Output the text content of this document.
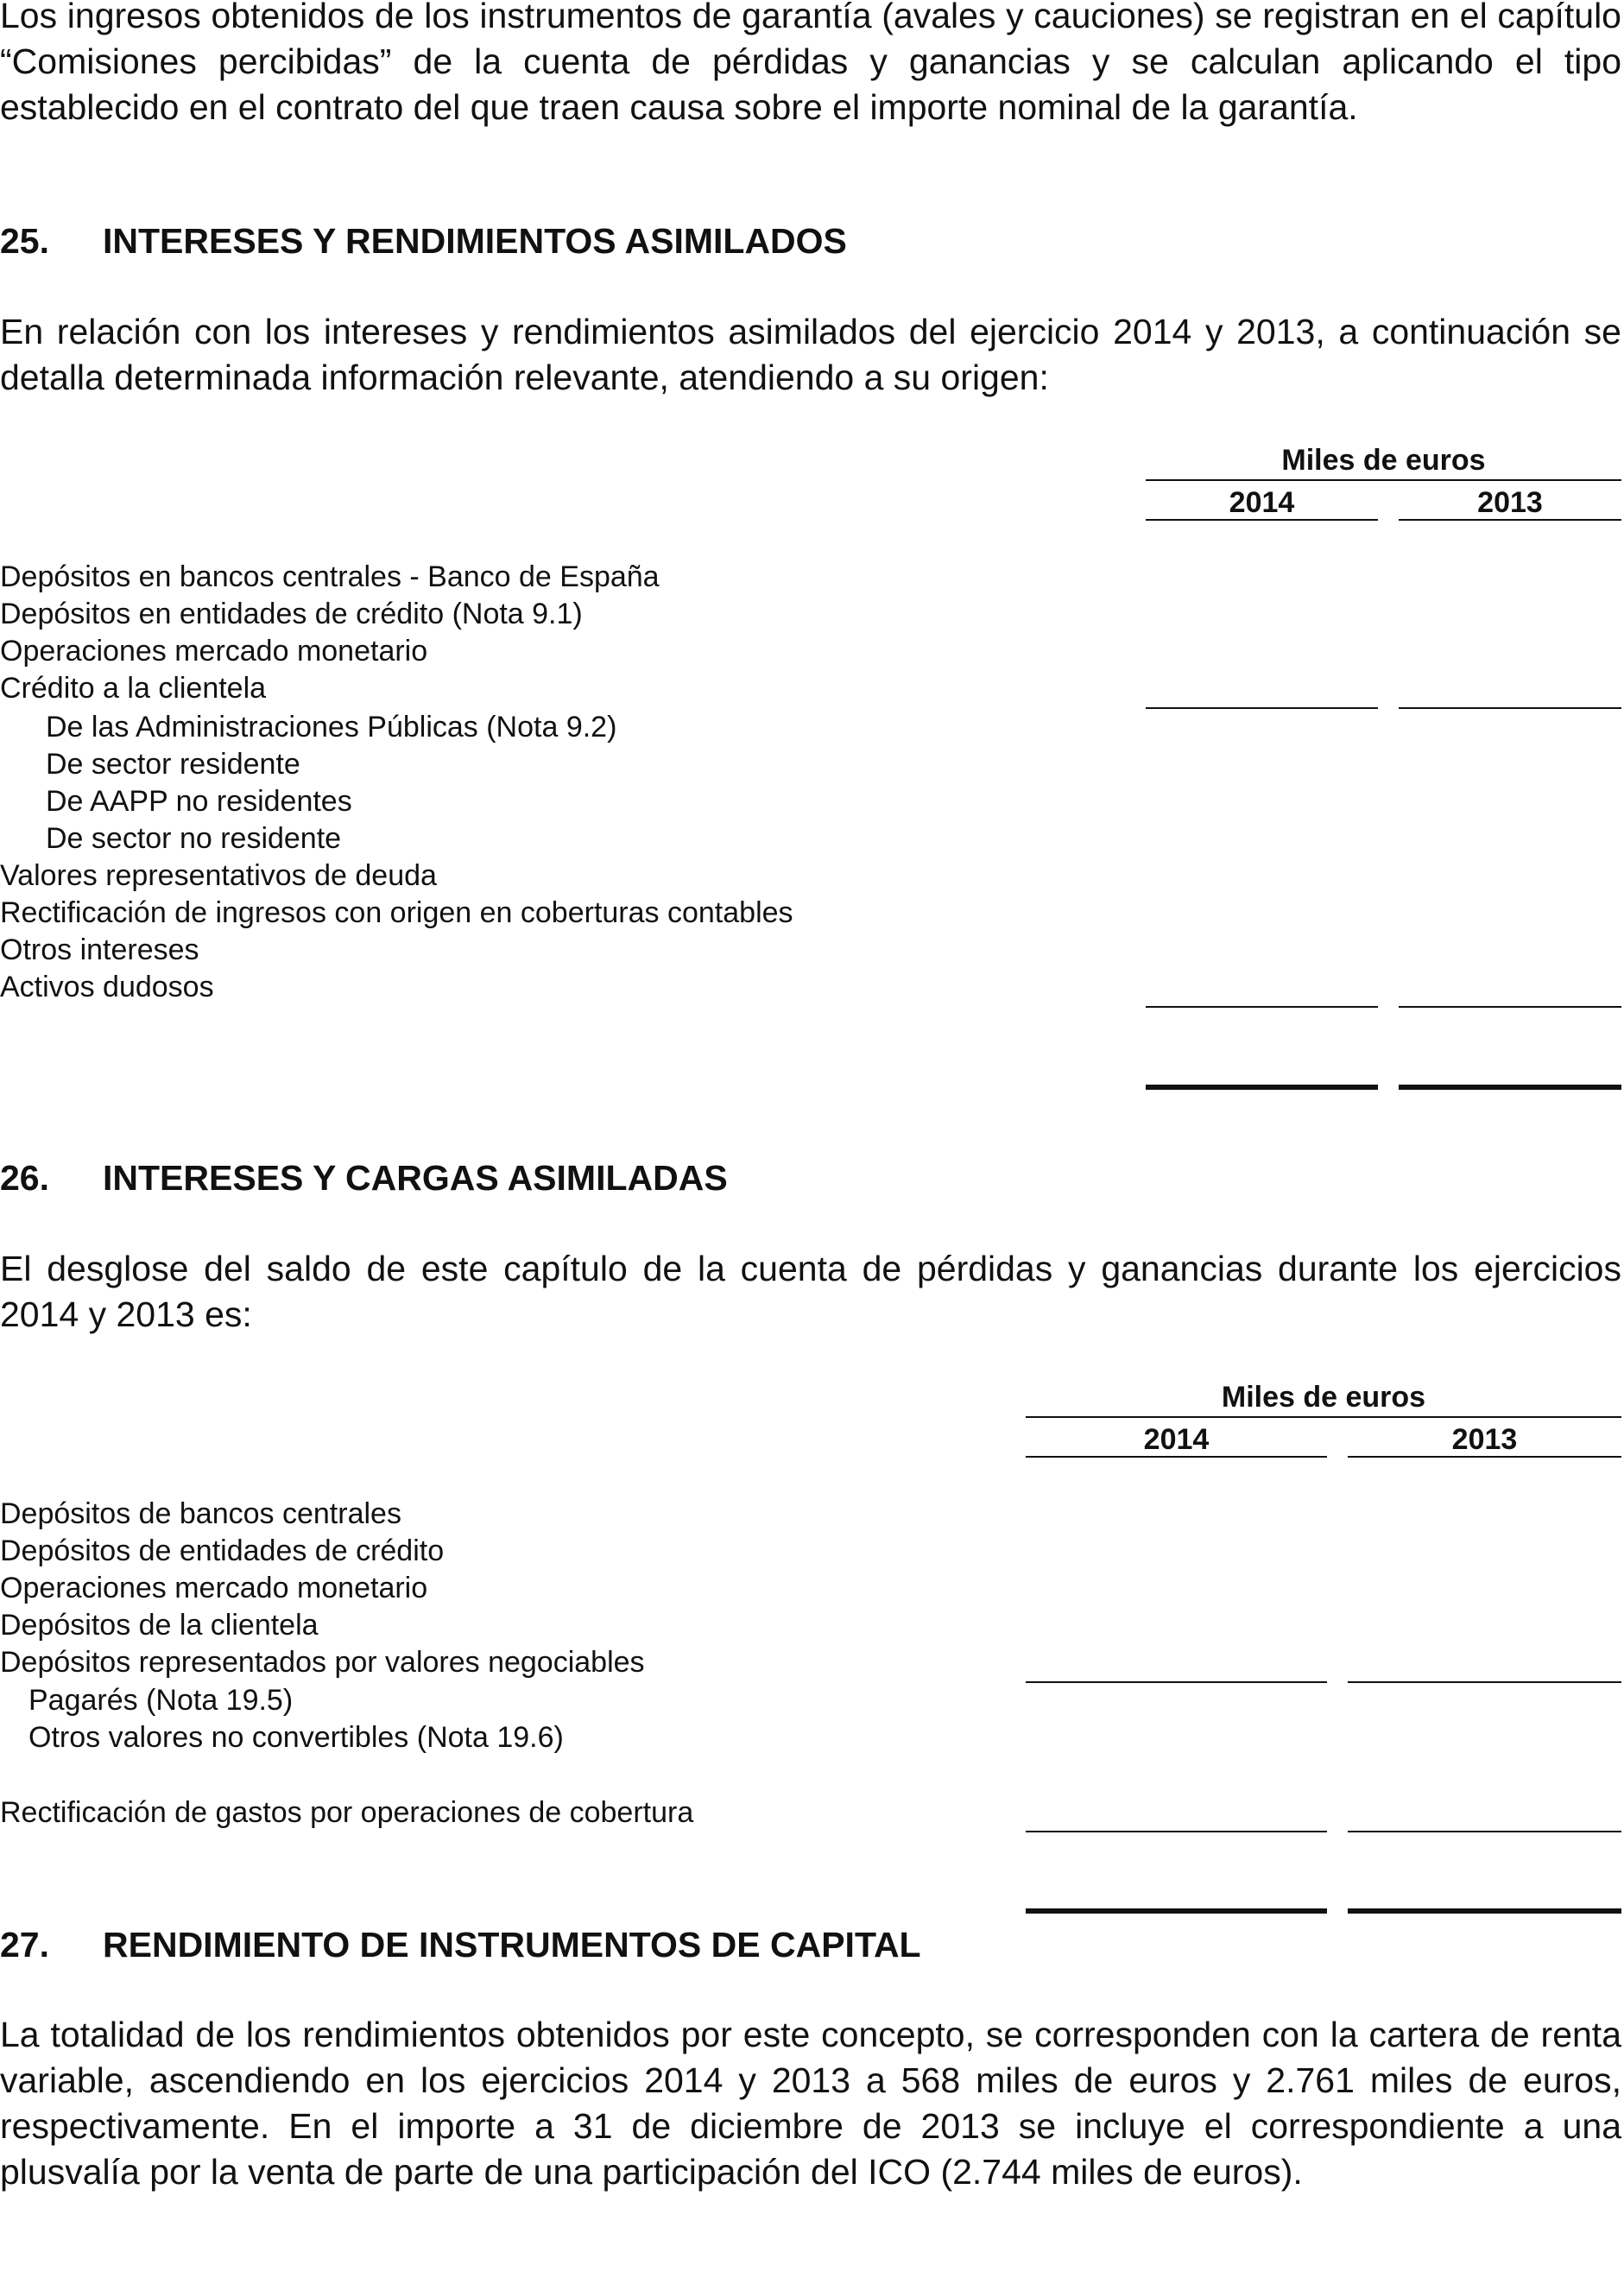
Los ingresos obtenidos de los instrumentos de garantía (avales y cauciones) se registran en el capítulo “Comisiones percibidas” de la cuenta de pérdidas y ganancias y se calculan aplicando el tipo establecido en el contrato del que traen causa sobre el importe nominal de la garantía.
25. INTERESES Y RENDIMIENTOS ASIMILADOS
En relación con los intereses y rendimientos asimilados del ejercicio 2014 y 2013, a continuación se detalla determinada información relevante, atendiendo a su origen:
Miles de euros
2014	2013
Depósitos en bancos centrales - Banco de España
Depósitos en entidades de crédito (Nota 9.1)
Operaciones mercado monetario
Crédito a la clientela
De las Administraciones Públicas (Nota 9.2)
De sector residente
De AAPP no residentes
De sector no residente
Valores representativos de deuda
Rectificación de ingresos con origen en coberturas contables
Otros intereses
Activos dudosos
26. INTERESES Y CARGAS ASIMILADAS
El desglose del saldo de este capítulo de la cuenta de pérdidas y ganancias durante los ejercicios 2014 y 2013 es:
Miles de euros
2014	2013
Depósitos de bancos centrales
Depósitos de entidades de crédito
Operaciones mercado monetario
Depósitos de la clientela
Depósitos representados por valores negociables
Pagarés (Nota 19.5)
Otros valores no convertibles (Nota 19.6)
Rectificación de gastos por operaciones de cobertura
27. RENDIMIENTO DE INSTRUMENTOS DE CAPITAL
La totalidad de los rendimientos obtenidos por este concepto, se corresponden con la cartera de renta variable, ascendiendo en los ejercicios 2014 y 2013 a 568 miles de euros y 2.761 miles de euros, respectivamente. En el importe a 31 de diciembre de 2013 se incluye el correspondiente a una plusvalía por la venta de parte de una participación del ICO (2.744 miles de euros).
